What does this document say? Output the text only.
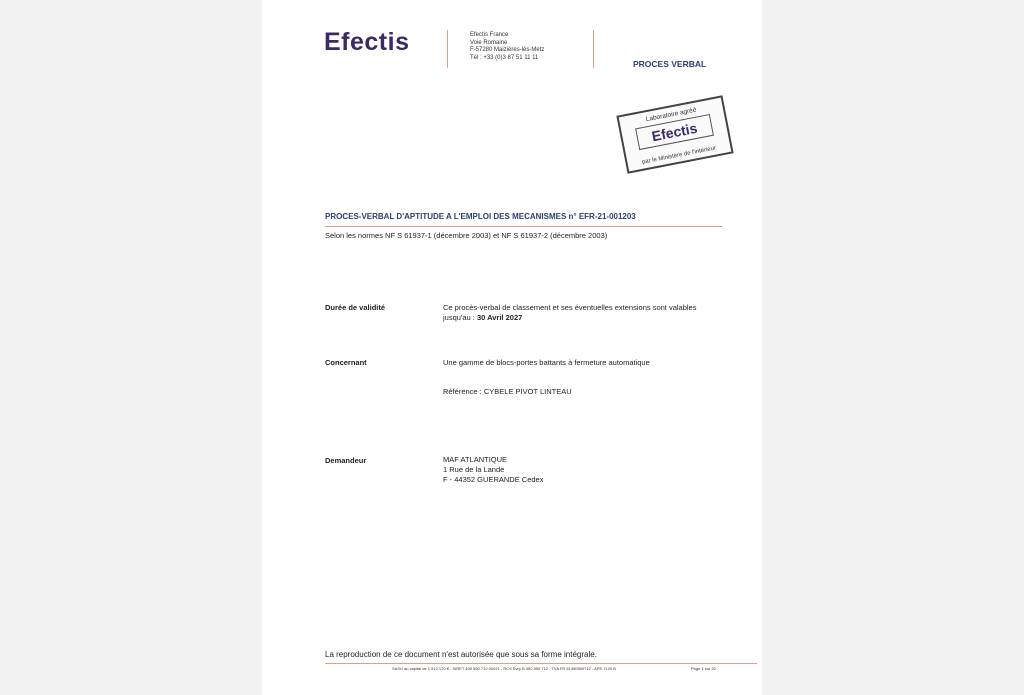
Efectis	Efectis France
Voie Romaine
F-57280 Maizières-lès-Metz
Tél : +33 (0)3 87 51 11 11
PROCES VERBAL
Laboratoire agréé
Efectis
par le Ministère de l'intérieur
PROCES-VERBAL D'APTITUDE A L'EMPLOI DES MECANISMES n° EFR-21-001203
Selon les normes NF S 61937-1 (décembre 2003) et NF S 61937-2 (décembre 2003)
Durée de validité	Ce procès-verbal de classement et ses éventuelles extensions sont valables
jusqu'au : 30 Avril 2027
Concernant	Une gamme de blocs-portes battants à fermeture automatique
Référence : CYBELE PIVOT LINTEAU
Demandeur	MAF ATLANTIQUE
1 Rue de la Lande
F - 44352 GUERANDE Cedex
La reproduction de ce document n'est autorisée que sous sa forme intégrale.
SASU au capital de 1 512 170 € - SIRET 490 550 712 00021 - RCS Evry B 490 550 712 - TVA FR 61490550712 - APE 7120 B	Page 1 sur 20
